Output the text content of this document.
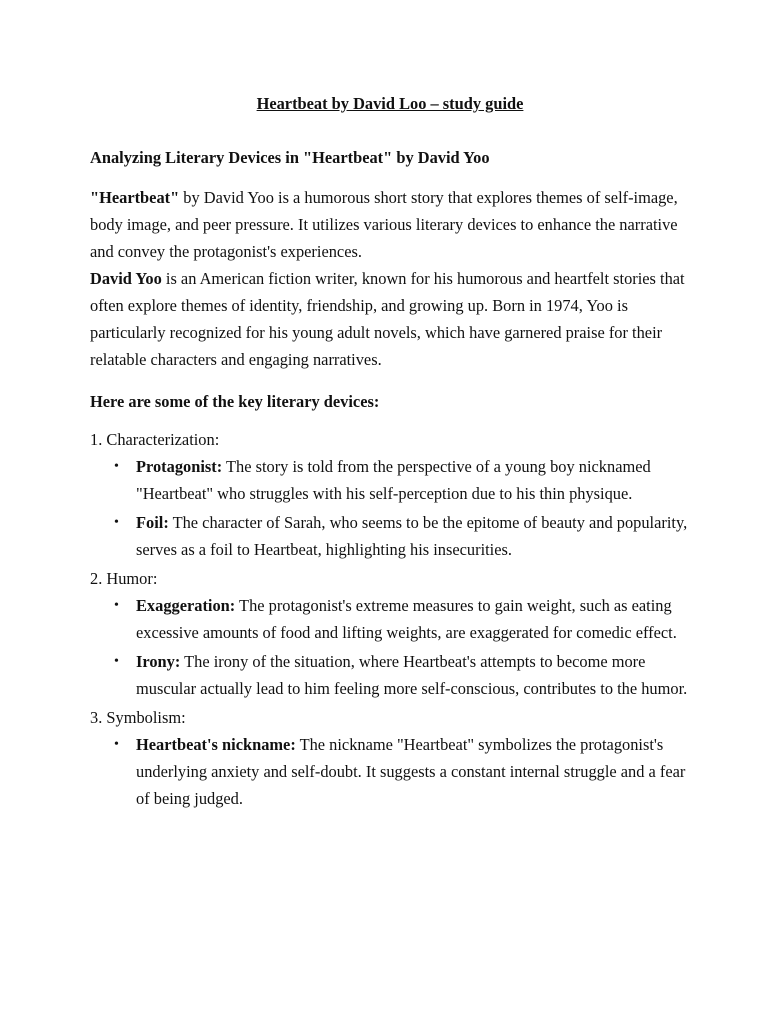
Heartbeat by David Loo – study guide

Analyzing Literary Devices in "Heartbeat" by David Yoo

"Heartbeat" by David Yoo is a humorous short story that explores themes of self-image, body image, and peer pressure. It utilizes various literary devices to enhance the narrative and convey the protagonist's experiences.

David Yoo is an American fiction writer, known for his humorous and heartfelt stories that often explore themes of identity, friendship, and growing up. Born in 1974, Yoo is particularly recognized for his young adult novels, which have garnered praise for their relatable characters and engaging narratives.

Here are some of the key literary devices:

1. Characterization:

• Protagonist: The story is told from the perspective of a young boy nicknamed "Heartbeat" who struggles with his self-perception due to his thin physique.
• Foil: The character of Sarah, who seems to be the epitome of beauty and popularity, serves as a foil to Heartbeat, highlighting his insecurities.

2. Humor:

• Exaggeration: The protagonist's extreme measures to gain weight, such as eating excessive amounts of food and lifting weights, are exaggerated for comedic effect.
• Irony: The irony of the situation, where Heartbeat's attempts to become more muscular actually lead to him feeling more self-conscious, contributes to the humor.

3. Symbolism:

• Heartbeat's nickname: The nickname "Heartbeat" symbolizes the protagonist's underlying anxiety and self-doubt. It suggests a constant internal struggle and a fear of being judged.
